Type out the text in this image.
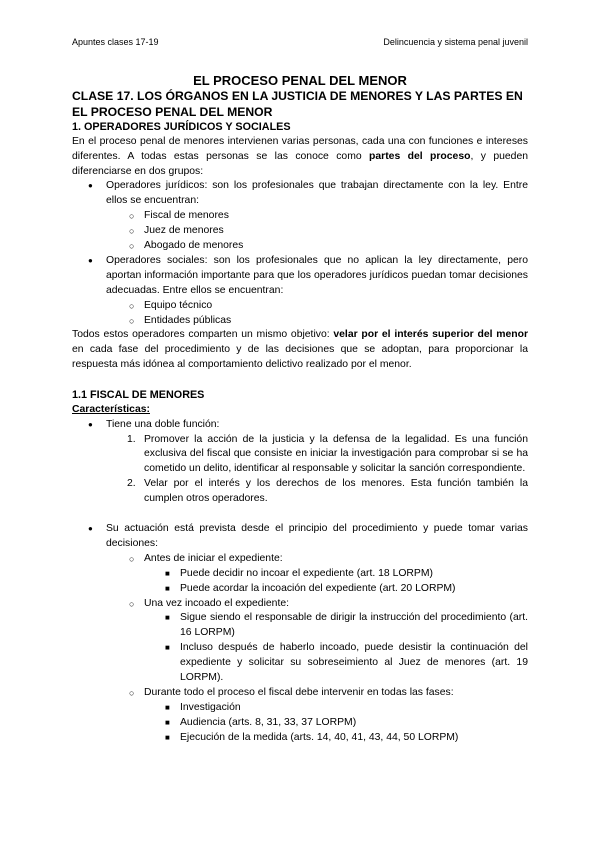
Apuntes clases 17-19	Delincuencia y sistema penal juvenil
EL PROCESO PENAL DEL MENOR
CLASE 17. LOS ÓRGANOS EN LA JUSTICIA DE MENORES Y LAS PARTES EN EL PROCESO PENAL DEL MENOR
1. OPERADORES JURÍDICOS Y SOCIALES

En el proceso penal de menores intervienen varias personas, cada una con funciones e intereses diferentes. A todas estas personas se las conoce como partes del proceso, y pueden diferenciarse en dos grupos:

● Operadores jurídicos: son los profesionales que trabajan directamente con la ley. Entre ellos se encuentran:
○ Fiscal de menores
○ Juez de menores
○ Abogado de menores
● Operadores sociales: son los profesionales que no aplican la ley directamente, pero aportan información importante para que los operadores jurídicos puedan tomar decisiones adecuadas. Entre ellos se encuentran:
○ Equipo técnico
○ Entidades públicas

Todos estos operadores comparten un mismo objetivo: velar por el interés superior del menor en cada fase del procedimiento y de las decisiones que se adoptan, para proporcionar la respuesta más idónea al comportamiento delictivo realizado por el menor.

1.1 FISCAL DE MENORES
Características:
● Tiene una doble función:
1. Promover la acción de la justicia y la defensa de la legalidad. Es una función exclusiva del fiscal que consiste en iniciar la investigación para comprobar si se ha cometido un delito, identificar al responsable y solicitar la sanción correspondiente.
2. Velar por el interés y los derechos de los menores. Esta función también la cumplen otros operadores.
● Su actuación está prevista desde el principio del procedimiento y puede tomar varias decisiones:
○ Antes de iniciar el expediente:
■ Puede decidir no incoar el expediente (art. 18 LORPM)
■ Puede acordar la incoación del expediente (art. 20 LORPM)
○ Una vez incoado el expediente:
■ Sigue siendo el responsable de dirigir la instrucción del procedimiento (art. 16 LORPM)
■ Incluso después de haberlo incoado, puede desistir la continuación del expediente y solicitar su sobreseimiento al Juez de menores (art. 19 LORPM).
○ Durante todo el proceso el fiscal debe intervenir en todas las fases:
■ Investigación
■ Audiencia (arts. 8, 31, 33, 37 LORPM)
■ Ejecución de la medida (arts. 14, 40, 41, 43, 44, 50 LORPM)
